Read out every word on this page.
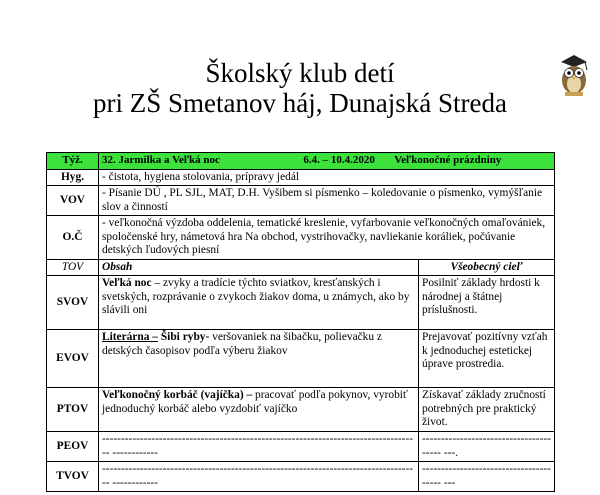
Školský klub detí
pri ZŠ Smetanov háj, Dunajská Streda
Týž.	32. Jarmilka a Veľká noc 6.4. – 10.4.2020 Veľkonočné prázdniny	
Hyg.	- čistota, hygiena stolovania, prípravy jedál	
VOV	- Písanie DÚ , PL SJL, MAT, D.H. Vyšibem si písmenko – koledovanie o písmenko, vymýšľanie slov a činností	
O.Č	- veľkonočná výzdoba oddelenia, tematické kreslenie, vyfarbovanie veľkonočných omaľovániek, spoločenské hry, námetová hra Na obchod, vystrihovačky, navliekanie koráliek, počúvanie detských ľudových piesní	
TOV	Obsah	Všeobecný cieľ
SVOV	Veľká noc – zvyky a tradície týchto sviatkov, kresťanských i svetských, rozprávanie o zvykoch žiakov doma, u známych, ako by slávili oni	Posilniť základy hrdosti k národnej a štátnej príslušnosti.
EVOV	Literárna – Šibi ryby- veršovaniek na šibačku, polievačku z detských časopisov podľa výberu žiakov	Prejavovať pozitívny vzťah k jednoduchej estetickej úprave prostredia.
PTOV	Veľkonočný korbáč (vajíčka) – pracovať podľa pokynov, vyrobiť jednoduchý korbáč alebo vyzdobiť vajíčko	Získavať základy zručností potrebných pre praktický život.
PEOV	------------------------------------------------------------------------------------ ------------	--------------------------------------- ---.
TVOV	------------------------------------------------------------------------------------ ------------	--------------------------------------- ---
